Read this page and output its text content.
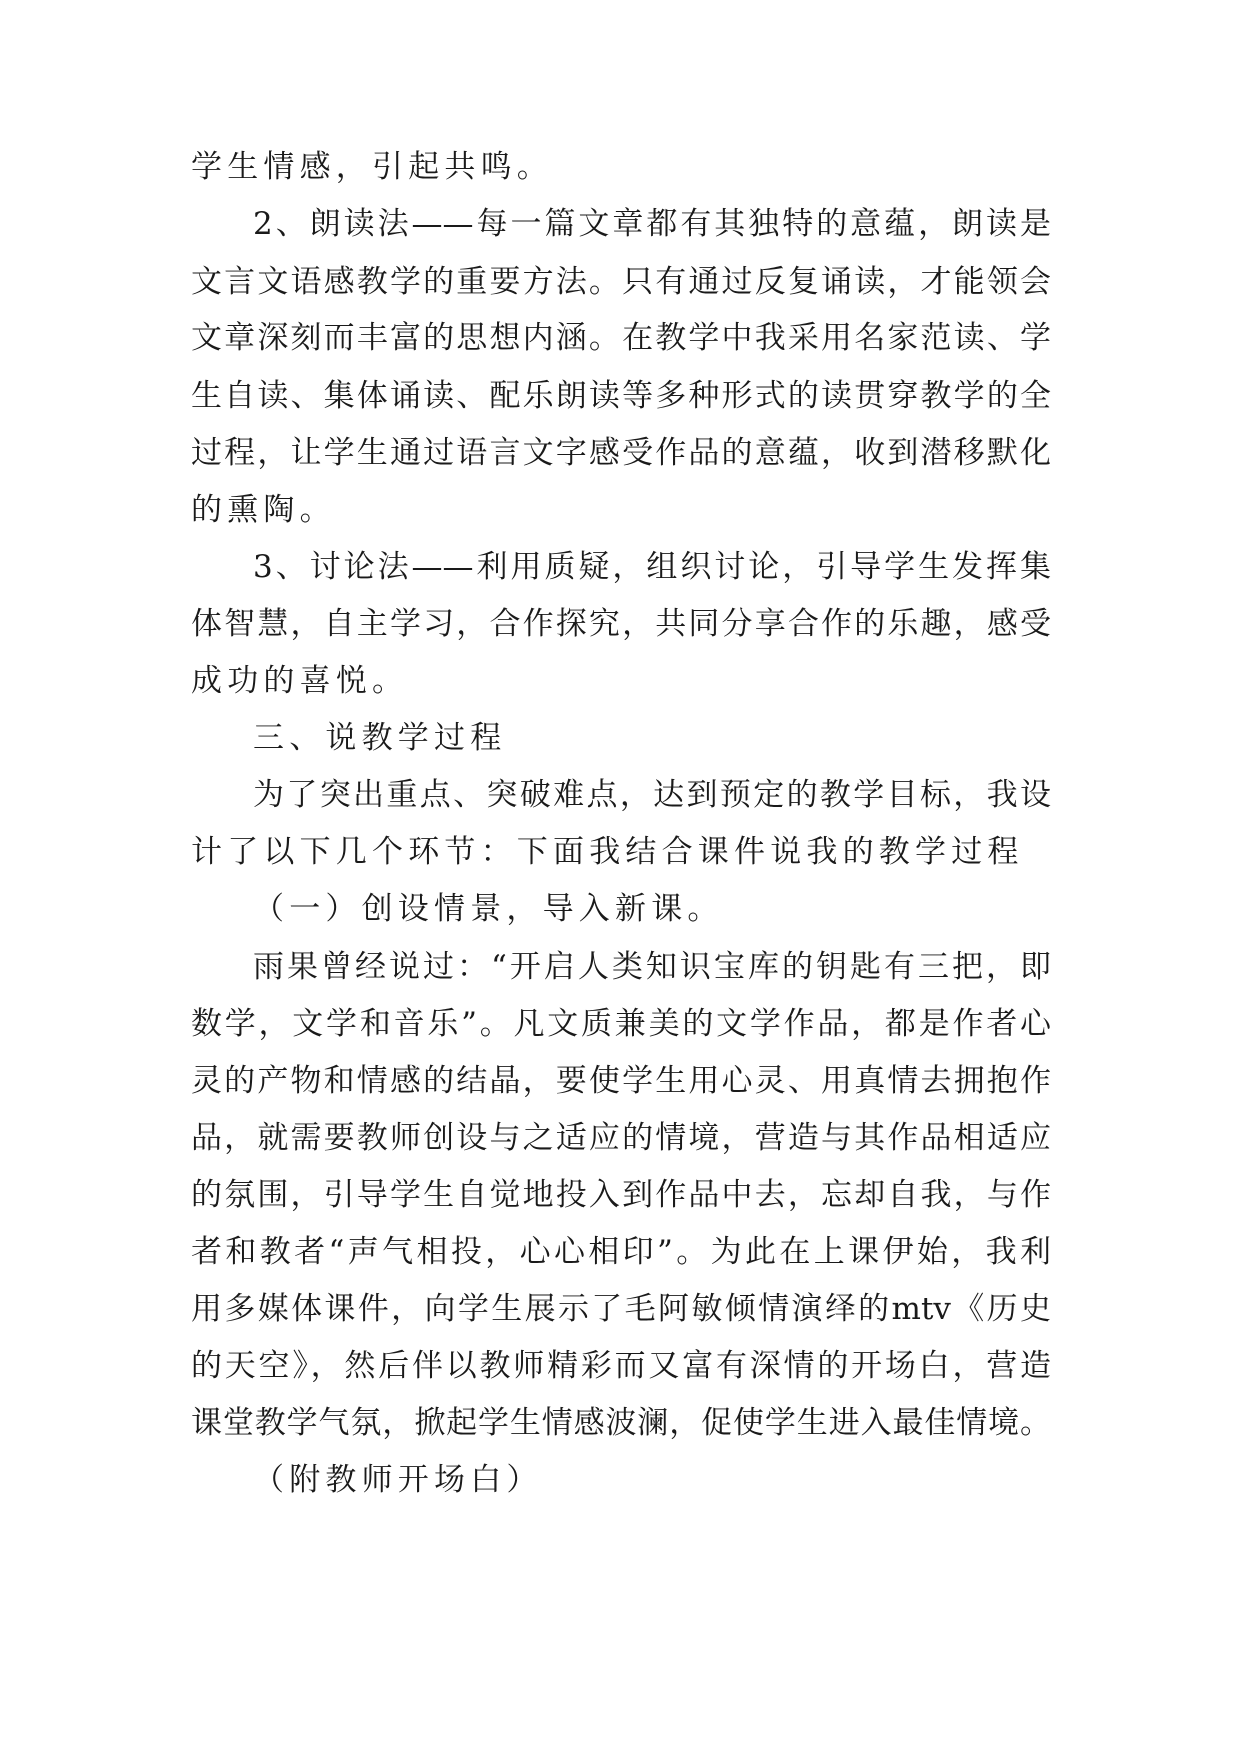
学生情感，引起共鸣。
2、朗读法——每一篇文章都有其独特的意蕴，朗读是
文言文语感教学的重要方法。只有通过反复诵读，才能领会
文章深刻而丰富的思想内涵。在教学中我采用名家范读、学
生自读、集体诵读、配乐朗读等多种形式的读贯穿教学的全
过程，让学生通过语言文字感受作品的意蕴，收到潜移默化
的熏陶。
3、讨论法——利用质疑，组织讨论，引导学生发挥集
体智慧，自主学习，合作探究，共同分享合作的乐趣，感受
成功的喜悦。
三、说教学过程
为了突出重点、突破难点，达到预定的教学目标，我设
计了以下几个环节：下面我结合课件说我的教学过程
（一）创设情景，导入新课。
雨果曾经说过：“开启人类知识宝库的钥匙有三把，即
数学，文学和音乐”。凡文质兼美的文学作品，都是作者心
灵的产物和情感的结晶，要使学生用心灵、用真情去拥抱作
品，就需要教师创设与之适应的情境，营造与其作品相适应
的氛围，引导学生自觉地投入到作品中去，忘却自我，与作
者和教者“声气相投，心心相印”。为此在上课伊始，我利
用多媒体课件，向学生展示了毛阿敏倾情演绎的mtv《历史
的天空》，然后伴以教师精彩而又富有深情的开场白，营造
课堂教学气氛，掀起学生情感波澜，促使学生进入最佳情境。
（附教师开场白）
